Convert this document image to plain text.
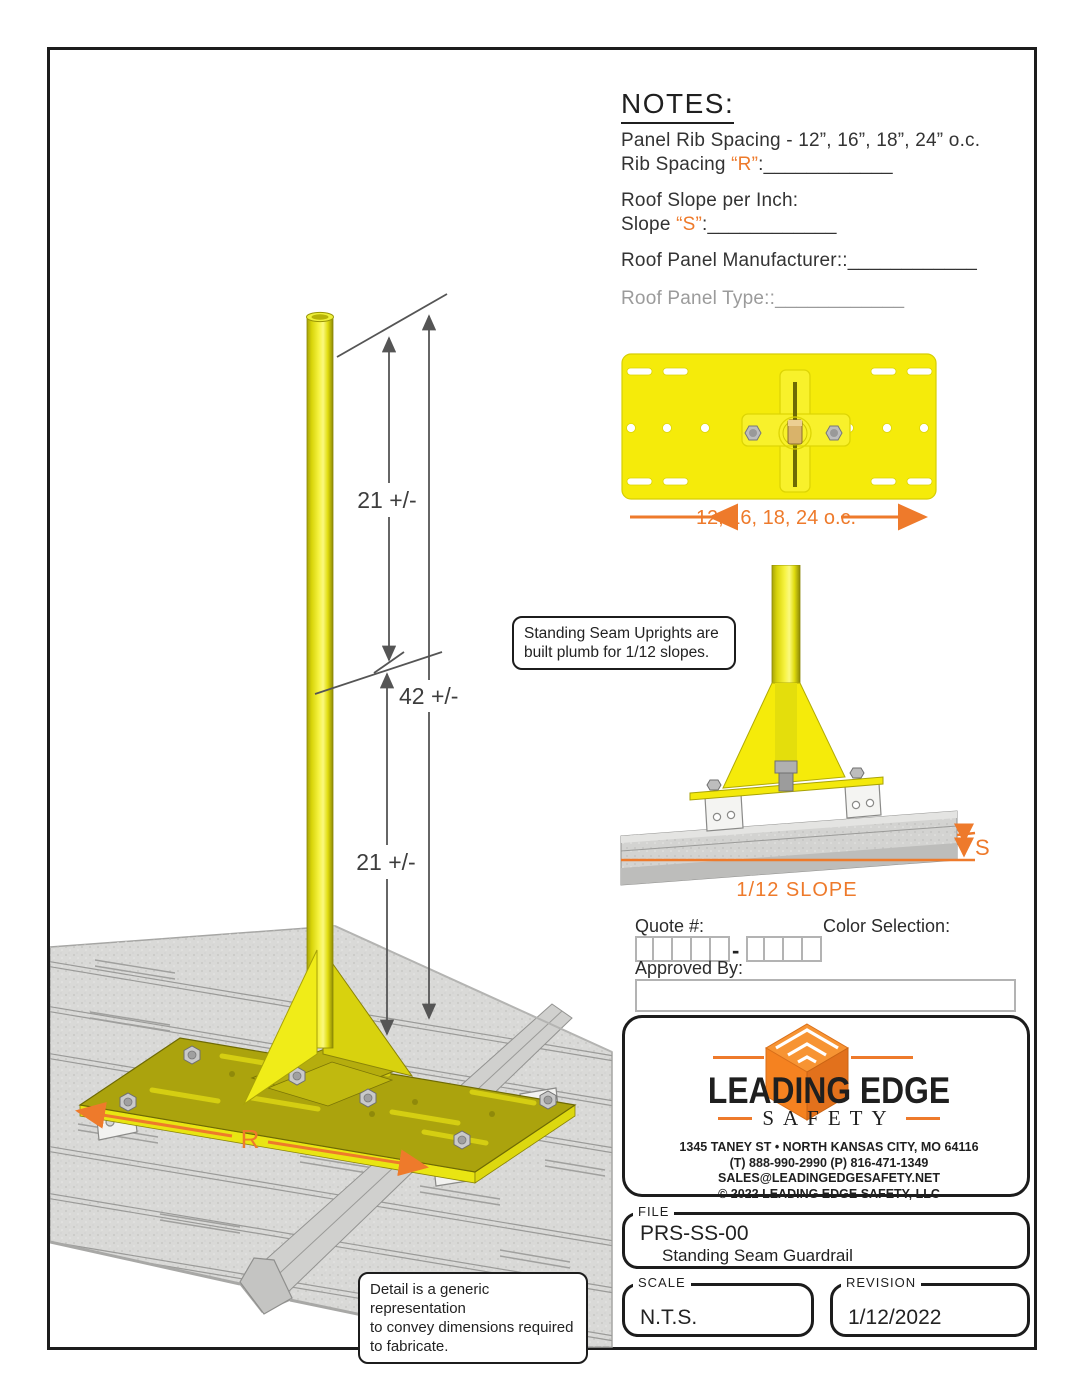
21 +/-
42 +/-
21 +/-
R
NOTES:
Panel Rib Spacing - 12”, 16”, 18”, 24” o.c.
Rib Spacing “R”:____________
Roof Slope per Inch:
Slope “S”:____________
Roof Panel Manufacturer::____________
Roof Panel Type::____________
12, 16, 18, 24 o.c.
Standing Seam Uprights are
built plumb for 1/12 slopes.
S
1/12 SLOPE
Quote #:	Color Selection:
-
Approved By:
LEADING EDGE
SAFETY
1345 TANEY ST • NORTH KANSAS CITY, MO 64116
(T) 888-990-2990 (P) 816-471-1349
SALES@LEADINGEDGESAFETY.NET
© 2022 LEADING EDGE SAFETY, LLC
FILE
PRS-SS-00
Standing Seam Guardrail
SCALE
N.T.S.
REVISION
1/12/2022
Detail is a generic representation
to convey dimensions required
to fabricate.
